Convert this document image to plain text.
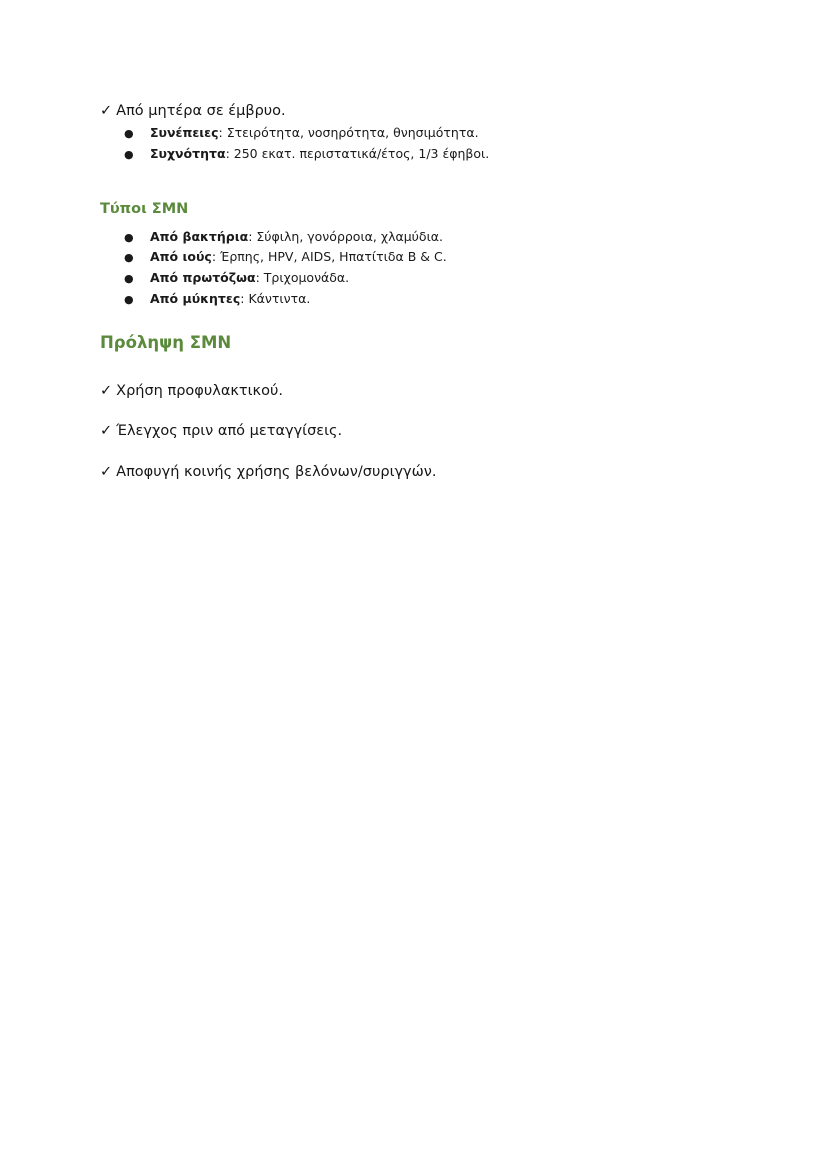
✓ Από μητέρα σε έμβρυο.
● Συνέπειες: Στειρότητα, νοσηρότητα, θνησιμότητα.
● Συχνότητα: 250 εκατ. περιστατικά/έτος, 1/3 έφηβοι.
Τύποι ΣΜΝ
● Από βακτήρια: Σύφιλη, γονόρροια, χλαμύδια.
● Από ιούς: Έρπης, HPV, AIDS, Ηπατίτιδα Β & C.
● Από πρωτόζωα: Τριχομονάδα.
● Από μύκητες: Κάντιντα.
Πρόληψη ΣΜΝ
✓ Χρήση προφυλακτικού.
✓ Έλεγχος πριν από μεταγγίσεις.
✓ Αποφυγή κοινής χρήσης βελόνων/συριγγών.
